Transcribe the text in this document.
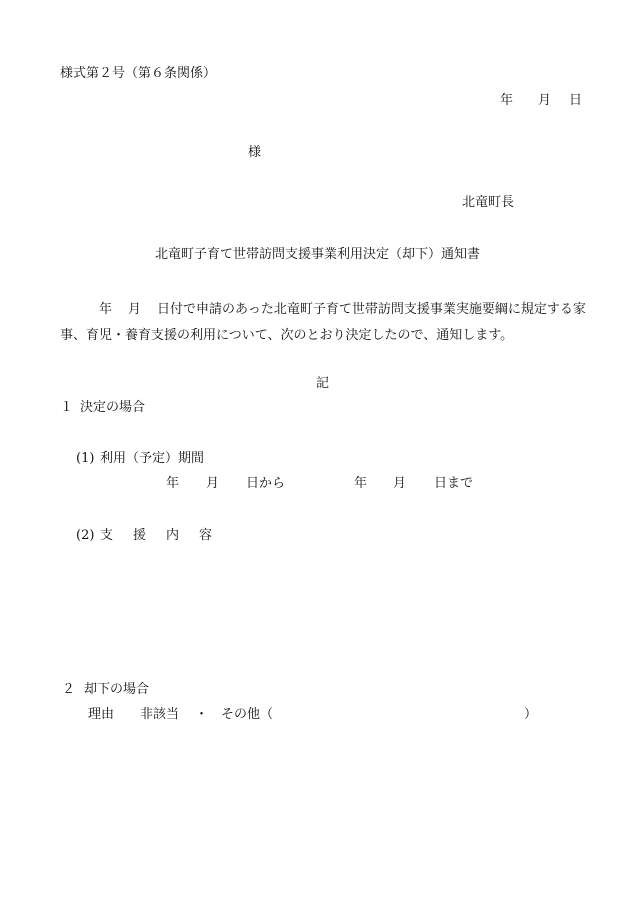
様式第２号（第６条関係）
年 月 日
様
北竜町長
北竜町子育て世帯訪問支援事業利用決定（却下）通知書
年 月 日付で申請のあった北竜町子育て世帯訪問支援事業実施要綱に規定する家事、育児・養育支援の利用について、次のとおり決定したので、通知します。
記
１ 決定の場合
(1) 利用（予定）期間
年 月 日から	年 月 日まで
(2) 支 援 内 容
２ 却下の場合
理由 非該当 ・ その他（	）
